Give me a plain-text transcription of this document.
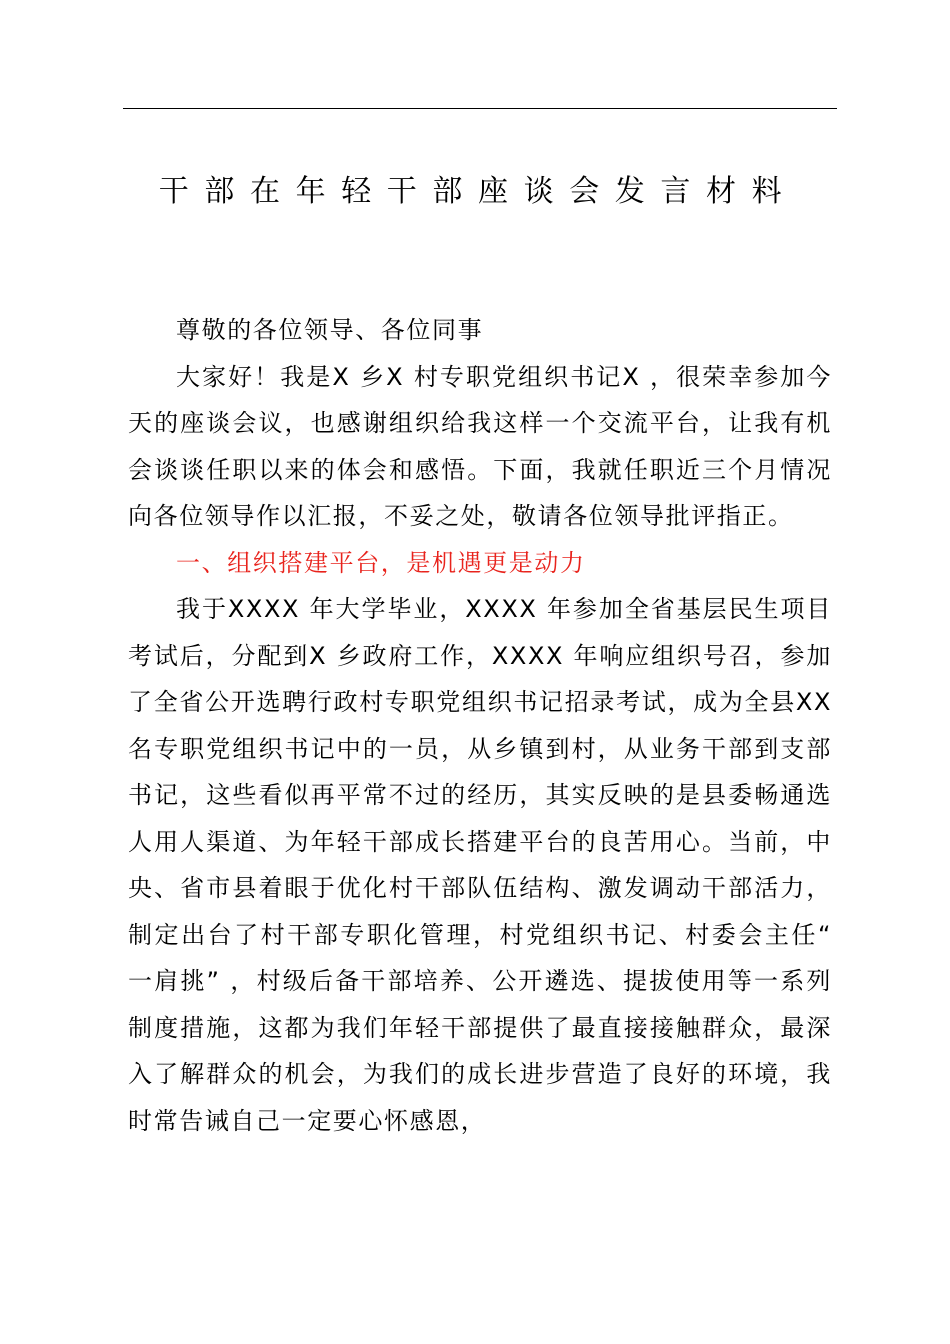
干部在年轻干部座谈会发言材料

尊敬的各位领导、各位同事

大家好！我是X 乡X 村专职党组织书记X ，很荣幸参加今天的座谈会议，也感谢组织给我这样一个交流平台，让我有机会谈谈任职以来的体会和感悟。下面，我就任职近三个月情况向各位领导作以汇报，不妥之处，敬请各位领导批评指正。

一、组织搭建平台，是机遇更是动力

我于XXXX 年大学毕业，XXXX 年参加全省基层民生项目考试后，分配到X 乡政府工作，XXXX 年响应组织号召，参加了全省公开选聘行政村专职党组织书记招录考试，成为全县XX 名专职党组织书记中的一员，从乡镇到村，从业务干部到支部书记，这些看似再平常不过的经历，其实反映的是县委畅通选人用人渠道、为年轻干部成长搭建平台的良苦用心。当前，中央、省市县着眼于优化村干部队伍结构、激发调动干部活力，制定出台了村干部专职化管理，村党组织书记、村委会主任“ 一肩挑” ，村级后备干部培养、公开遴选、提拔使用等一系列制度措施，这都为我们年轻干部提供了最直接接触群众，最深入了解群众的机会，为我们的成长进步营造了良好的环境，我时常告诫自己一定要心怀感恩，
